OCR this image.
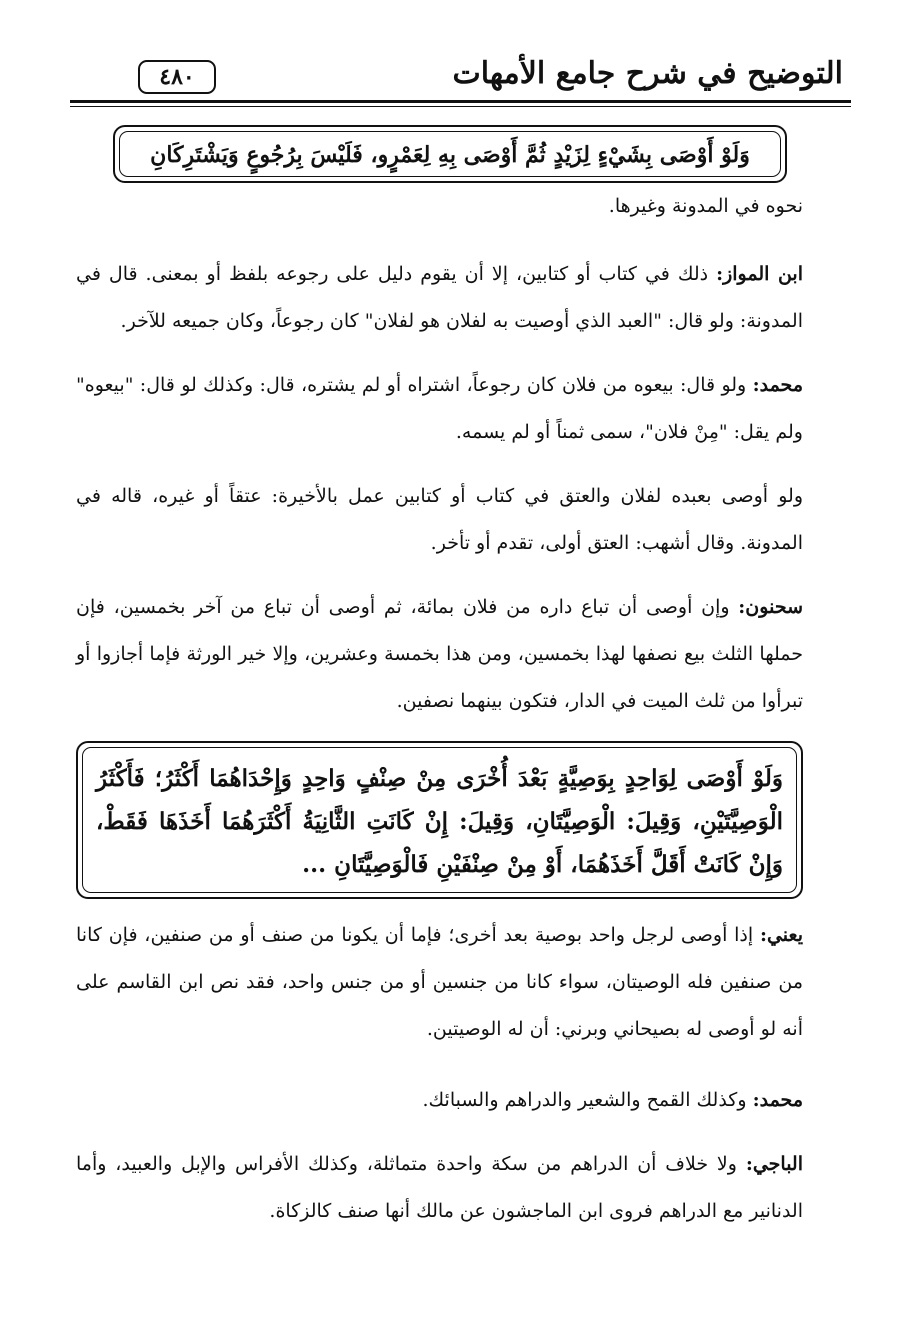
التوضيح في شرح جامع الأمهات
٤٨٠
وَلَوْ أَوْصَى بِشَيْءٍ لِزَيْدٍ ثُمَّ أَوْصَى بِهِ لِعَمْرٍو، فَلَيْسَ بِرُجُوعٍ وَيَشْتَرِكَانِ

نحوه في المدونة وغيرها.

ابن المواز: ذلك في كتاب أو كتابين، إلا أن يقوم دليل على رجوعه بلفظ أو بمعنى. قال في المدونة: ولو قال: "العبد الذي أوصيت به لفلان هو لفلان" كان رجوعاً، وكان جميعه للآخر.

محمد: ولو قال: بيعوه من فلان كان رجوعاً، اشتراه أو لم يشتره، قال: وكذلك لو قال: "بيعوه" ولم يقل: "مِنْ فلان"، سمى ثمناً أو لم يسمه.

ولو أوصى بعبده لفلان والعتق في كتاب أو كتابين عمل بالأخيرة: عتقاً أو غيره، قاله في المدونة. وقال أشهب: العتق أولى، تقدم أو تأخر.

سحنون: وإن أوصى أن تباع داره من فلان بمائة، ثم أوصى أن تباع من آخر بخمسين، فإن حملها الثلث بيع نصفها لهذا بخمسين، ومن هذا بخمسة وعشرين، وإلا خير الورثة فإما أجازوا أو تبرأوا من ثلث الميت في الدار، فتكون بينهما نصفين.

وَلَوْ أَوْصَى لِوَاحِدٍ بِوَصِيَّةٍ بَعْدَ أُخْرَى مِنْ صِنْفٍ وَاحِدٍ وَإِحْدَاهُمَا أَكْثَرُ؛ فَأَكْثَرُ الْوَصِيَّتَيْنِ، وَقِيلَ: الْوَصِيَّتَانِ، وَقِيلَ: إِنْ كَانَتِ الثَّانِيَةُ أَكْثَرَهُمَا أَخَذَهَا فَقَطْ، وَإِنْ كَانَتْ أَقَلَّ أَخَذَهُمَا، أَوْ مِنْ صِنْفَيْنِ فَالْوَصِيَّتَانِ ...

يعني: إذا أوصى لرجل واحد بوصية بعد أخرى؛ فإما أن يكونا من صنف أو من صنفين، فإن كانا من صنفين فله الوصيتان، سواء كانا من جنسين أو من جنس واحد، فقد نص ابن القاسم على أنه لو أوصى له بصيحاني وبرني: أن له الوصيتين.

محمد: وكذلك القمح والشعير والدراهم والسبائك.

الباجي: ولا خلاف أن الدراهم من سكة واحدة متماثلة، وكذلك الأفراس والإبل والعبيد، وأما الدنانير مع الدراهم فروى ابن الماجشون عن مالك أنها صنف كالزكاة.
